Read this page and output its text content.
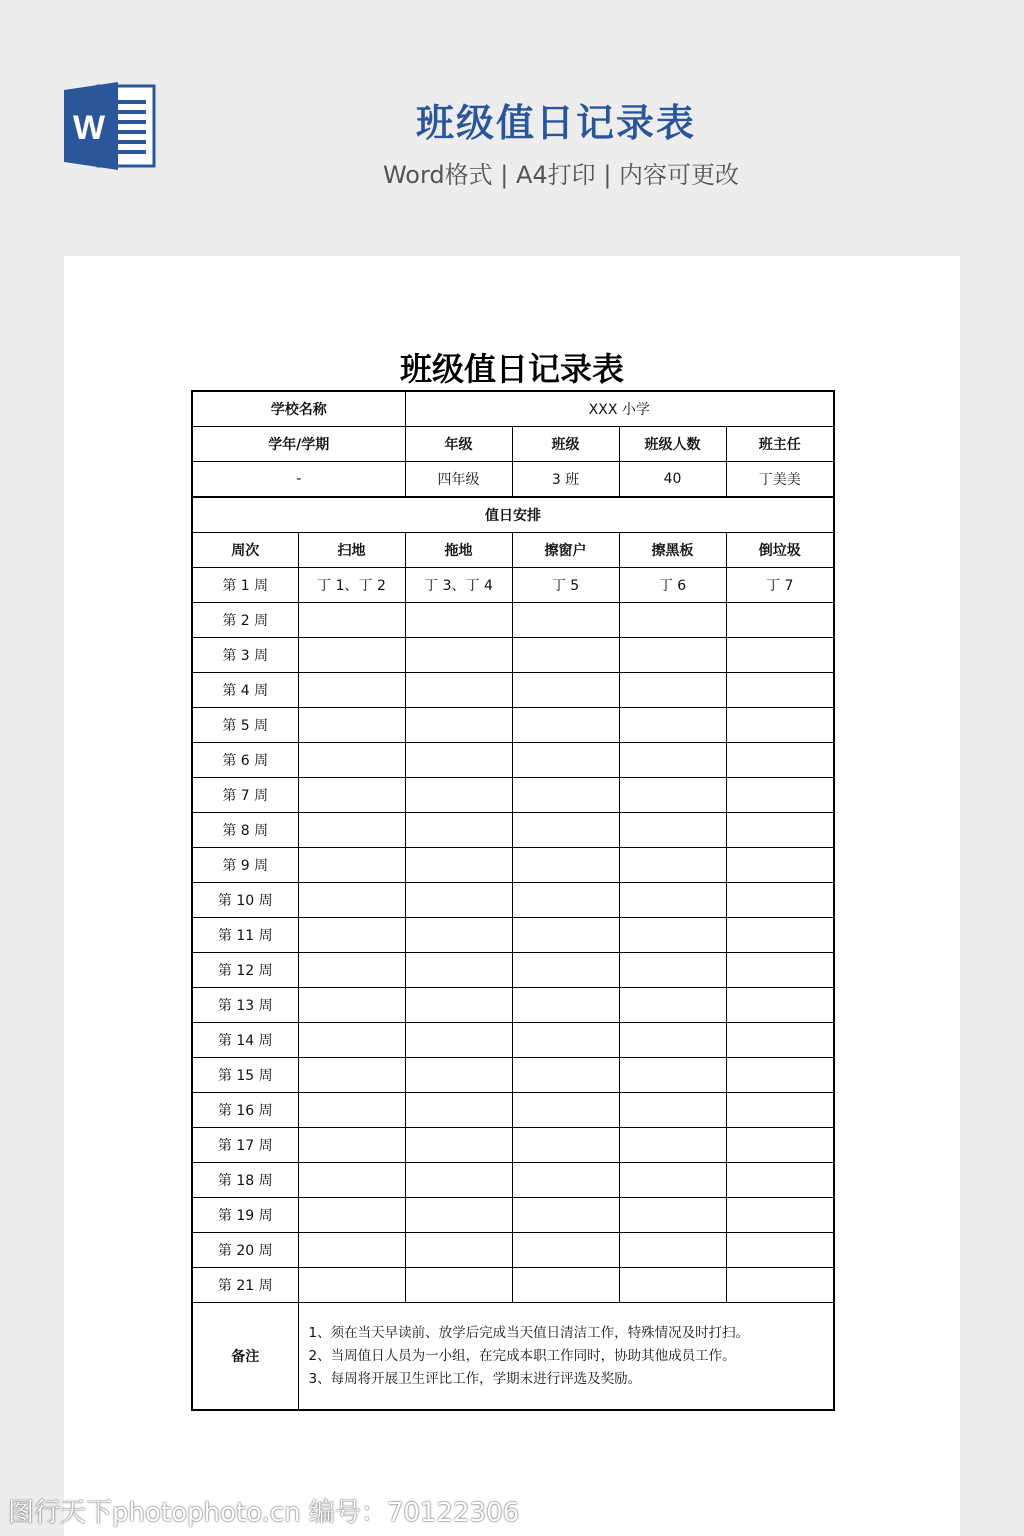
W	班级值日记录表
Word格式 | A4打印 | 内容可更改
班级值日记录表
学校名称		XXX 小学			
学年/学期		年级	班级	班级人数	班主任
-		四年级	3 班	40	丁美美
值日安排					
周次	扫地	拖地	擦窗户	擦黑板	倒垃圾
第 1 周	丁 1、丁 2	丁 3、丁 4	丁 5	丁 6	丁 7
第 2 周					
第 3 周					
第 4 周					
第 5 周					
第 6 周					
第 7 周					
第 8 周					
第 9 周					
第 10 周					
第 11 周					
第 12 周					
第 13 周					
第 14 周					
第 15 周					
第 16 周					
第 17 周					
第 18 周					
第 19 周					
第 20 周					
第 21 周					
备注	1、须在当天早读前、放学后完成当天值日清洁工作，特殊情况及时打扫。
2、当周值日人员为一小组，在完成本职工作同时，协助其他成员工作。
3、每周将开展卫生评比工作，学期末进行评选及奖励。				
图行天下photophoto.cn 编号：70122306
